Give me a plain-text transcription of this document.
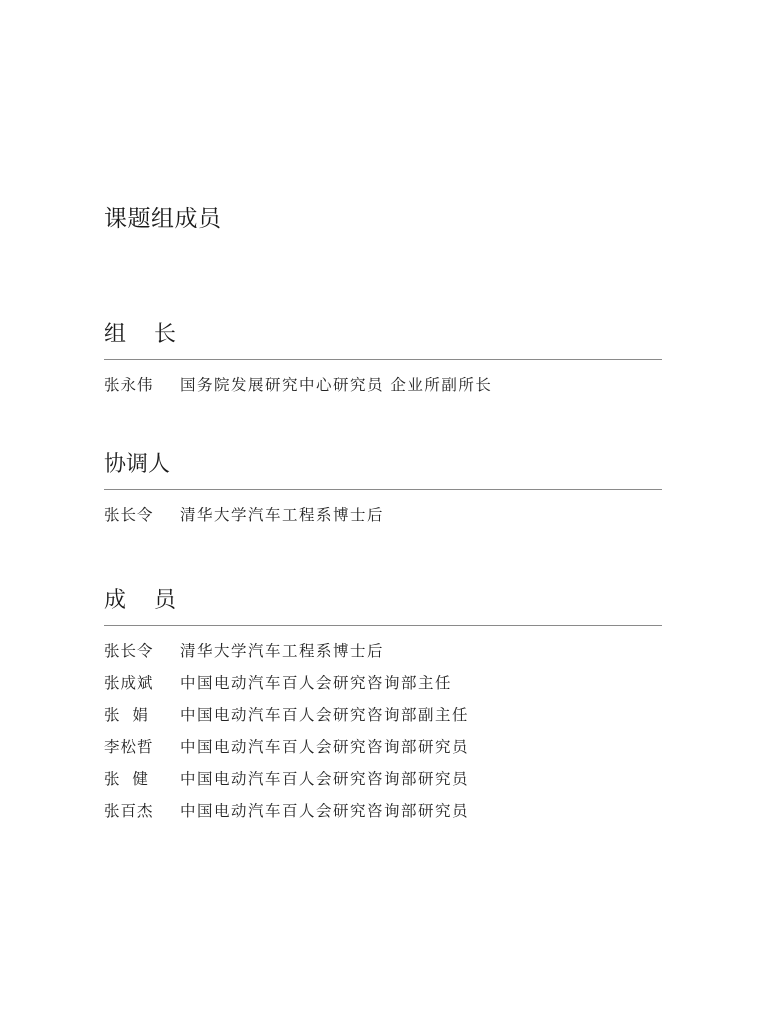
课题组成员
组 长
张永伟	国务院发展研究中心研究员 企业所副所长
协调人
张长令	清华大学汽车工程系博士后
成 员
张长令	清华大学汽车工程系博士后
张成斌	中国电动汽车百人会研究咨询部主任
张  娟	中国电动汽车百人会研究咨询部副主任
李松哲	中国电动汽车百人会研究咨询部研究员
张  健	中国电动汽车百人会研究咨询部研究员
张百杰	中国电动汽车百人会研究咨询部研究员
